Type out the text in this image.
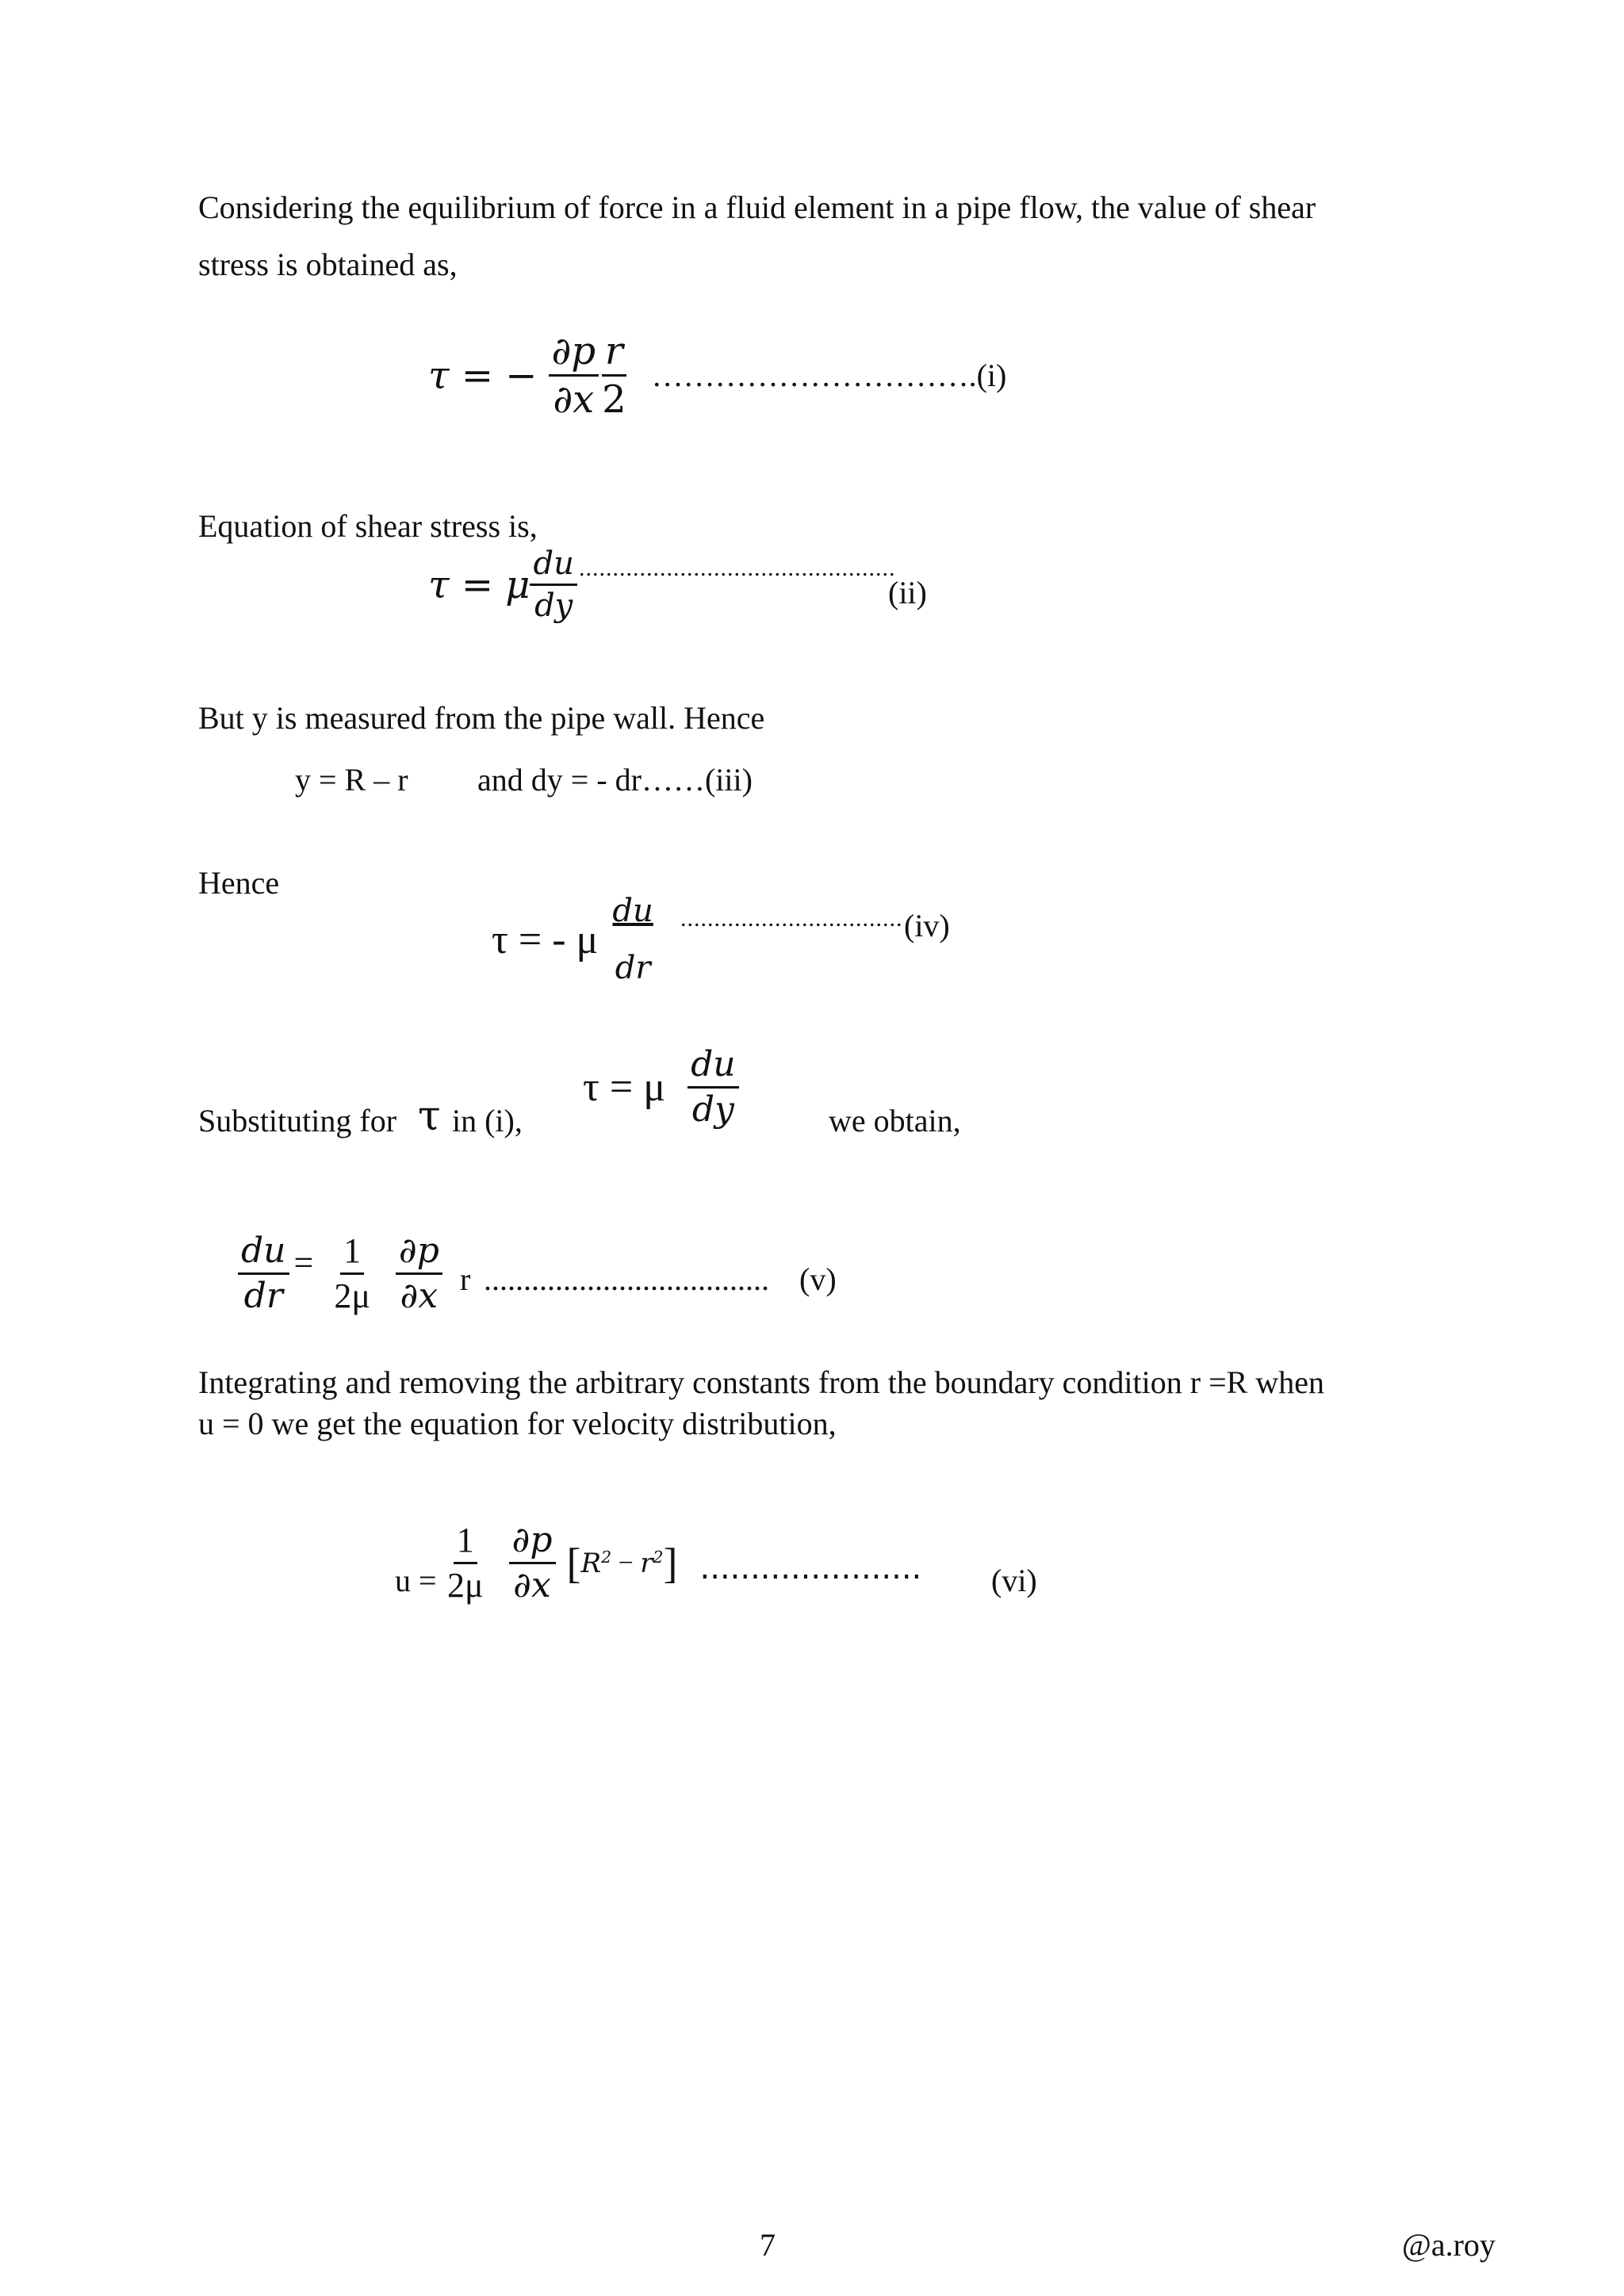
Considering the equilibrium of force in a fluid element in a pipe flow, the value of shear
stress is obtained as,
τ = − $\frac{\partial p}{\partial x} \frac{r}{2}$ …………………………. (i)
Equation of shear stress is,
τ = μ $\frac{du}{dy}$ ...............................................
(ii)
But y is measured from the pipe wall. Hence
y = R – r and dy = - dr……(iii)
Hence
τ = - μ $\frac{du}{dr}$ ................................. (iv)
Substituting for τ in (i),
τ = μ $\frac{du}{dy}$	we obtain,
$\frac{du}{dr} = \frac{1}{2\mu} \frac{\partial p}{\partial x}$ r .................................... (v)
Integrating and removing the arbitrary constants from the boundary condition r =R when
u = 0 we get the equation for velocity distribution,
$u = \frac{1}{2\mu} \frac{\partial p}{\partial x}$ [ $R^2 - r^2$ ] ...................... (vi)
7	@a.roy
